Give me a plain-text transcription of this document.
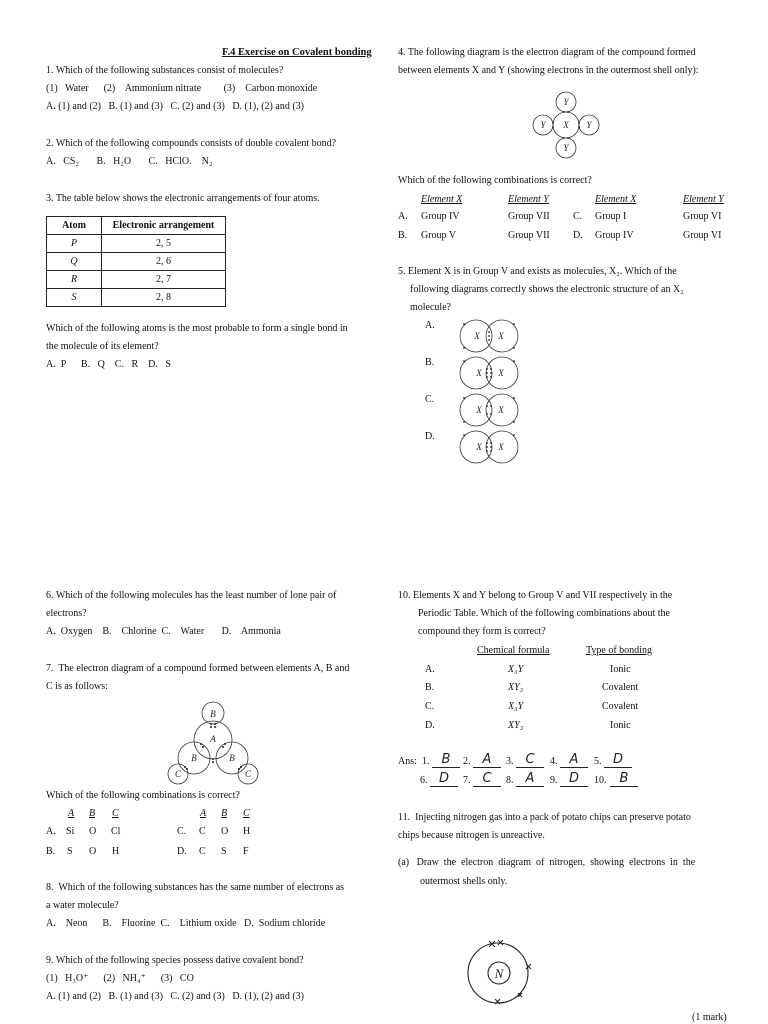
F.4 Exercise on Covalent bonding
1. Which of the following substances consist of molecules?
(1)   Water      (2)    Ammonium nitrate         (3)    Carbon monoxide
A. (1) and (2)   B. (1) and (3)   C. (2) and (3)   D. (1), (2) and (3)
2. Which of the following compounds consists of double covalent bond?
A.   CS₂       B.   H₂O       C.   HClO.    N₂
3. The table below shows the electronic arrangements of four atoms.
Atom	Electronic arrangement
P	2, 5
Q	2, 6
R	2, 7
S	2, 8
Which of the following atoms is the most probable to form a single bond in
the molecule of its element?
A.  P      B.   Q    C.   R    D.   S
6. Which of the following molecules has the least number of lone pair of
electrons?
A.  Oxygen    B.    Chlorine  C.    Water       D.    Ammonia
7.  The electron diagram of a compound formed between elements A, B and
C is as follows:
B
A
B	B
C	C
Which of the following combinations is correct?
A B C	A B C
A. Si O Cl	C. C O H
B. S O H	D. C S F
8.  Which of the following substances has the same number of electrons as
a water molecule?
A.    Neon      B.    Fluorine  C.    Lithium oxide   D.  Sodium chloride
9. Which of the following species possess dative covalent bond?
(1)   H₃O⁺      (2)   NH₄⁺      (3)   CO
A. (1) and (2)   B. (1) and (3)   C. (2) and (3)   D. (1), (2) and (3)
4. The following diagram is the electron diagram of the compound formed
between elements X and Y (showing electrons in the outermost shell only):
Y
Y X Y
Y
Which of the following combinations is correct?
Element X	Element Y	Element X	Element Y
A. Group IV	Group VII C. Group I	Group VI
B. Group V	Group VII D. Group IV	Group VI
5. Element X is in Group V and exists as molecules, X₂. Which of the
following diagrams correctly shows the electronic structure of an X₂
molecule?
A.
B.
C.
D.
X X
X X
X X
X X
10. Elements X and Y belong to Group V and VII respectively in the
Periodic Table. Which of the following combinations about the
compound they form is correct?
Chemical formula	Type of bonding
A.	X₃Y	Ionic
B.	XY₃	Covalent
C.	X₃Y	Covalent
D.	XY₃	Ionic
Ans: 1. B	2. A	3. C	4. A	5. D
6. D	7. C	8. A	9. D	10.	B
11.  Injecting nitrogen gas into a pack of potato chips can preserve potato
chips because nitrogen is unreactive.
(a)   Draw  the  electron  diagram  of  nitrogen,  showing  electrons  in  the
outermost shells only.
N
(1 mark)
